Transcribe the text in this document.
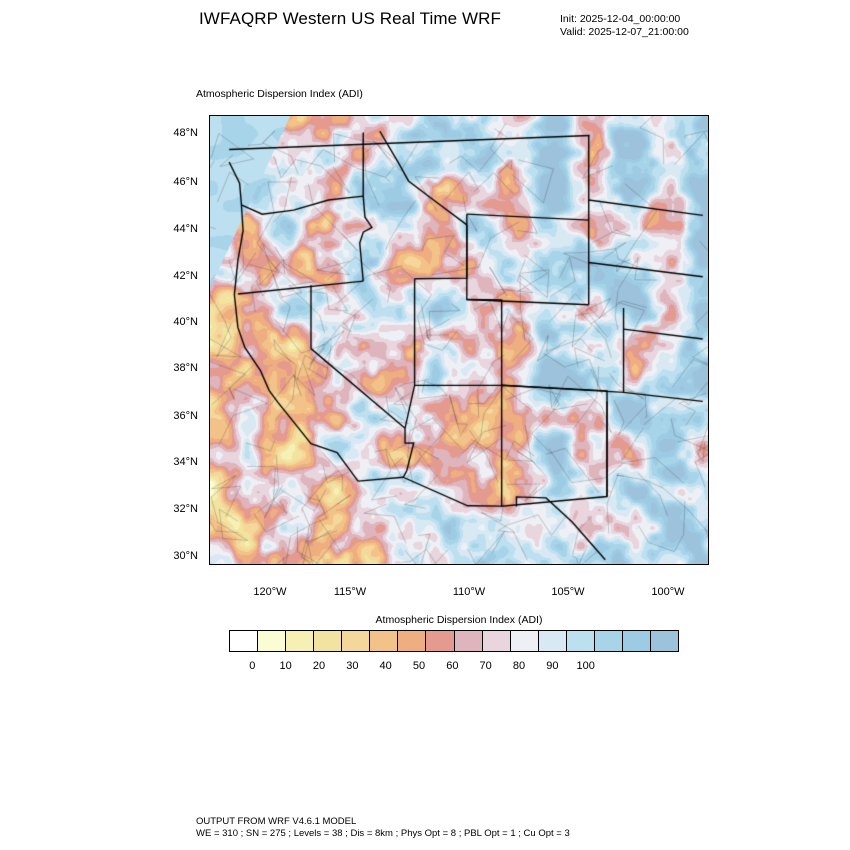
IWFAQRP Western US Real Time WRF	Init: 2025-12-04_00:00:00
Valid: 2025-12-07_21:00:00
Atmospheric Dispersion Index (ADI)
48°N
46°N
44°N
42°N
40°N
38°N
36°N
34°N
32°N
30°N
120°W	115°W	110°W	105°W	100°W
Atmospheric Dispersion Index (ADI)
0 10 20 30 40 50 60 70 80 90 100
OUTPUT FROM WRF V4.6.1 MODEL
WE = 310 ; SN = 275 ; Levels = 38 ; Dis = 8km ; Phys Opt = 8 ; PBL Opt = 1 ; Cu Opt = 3
